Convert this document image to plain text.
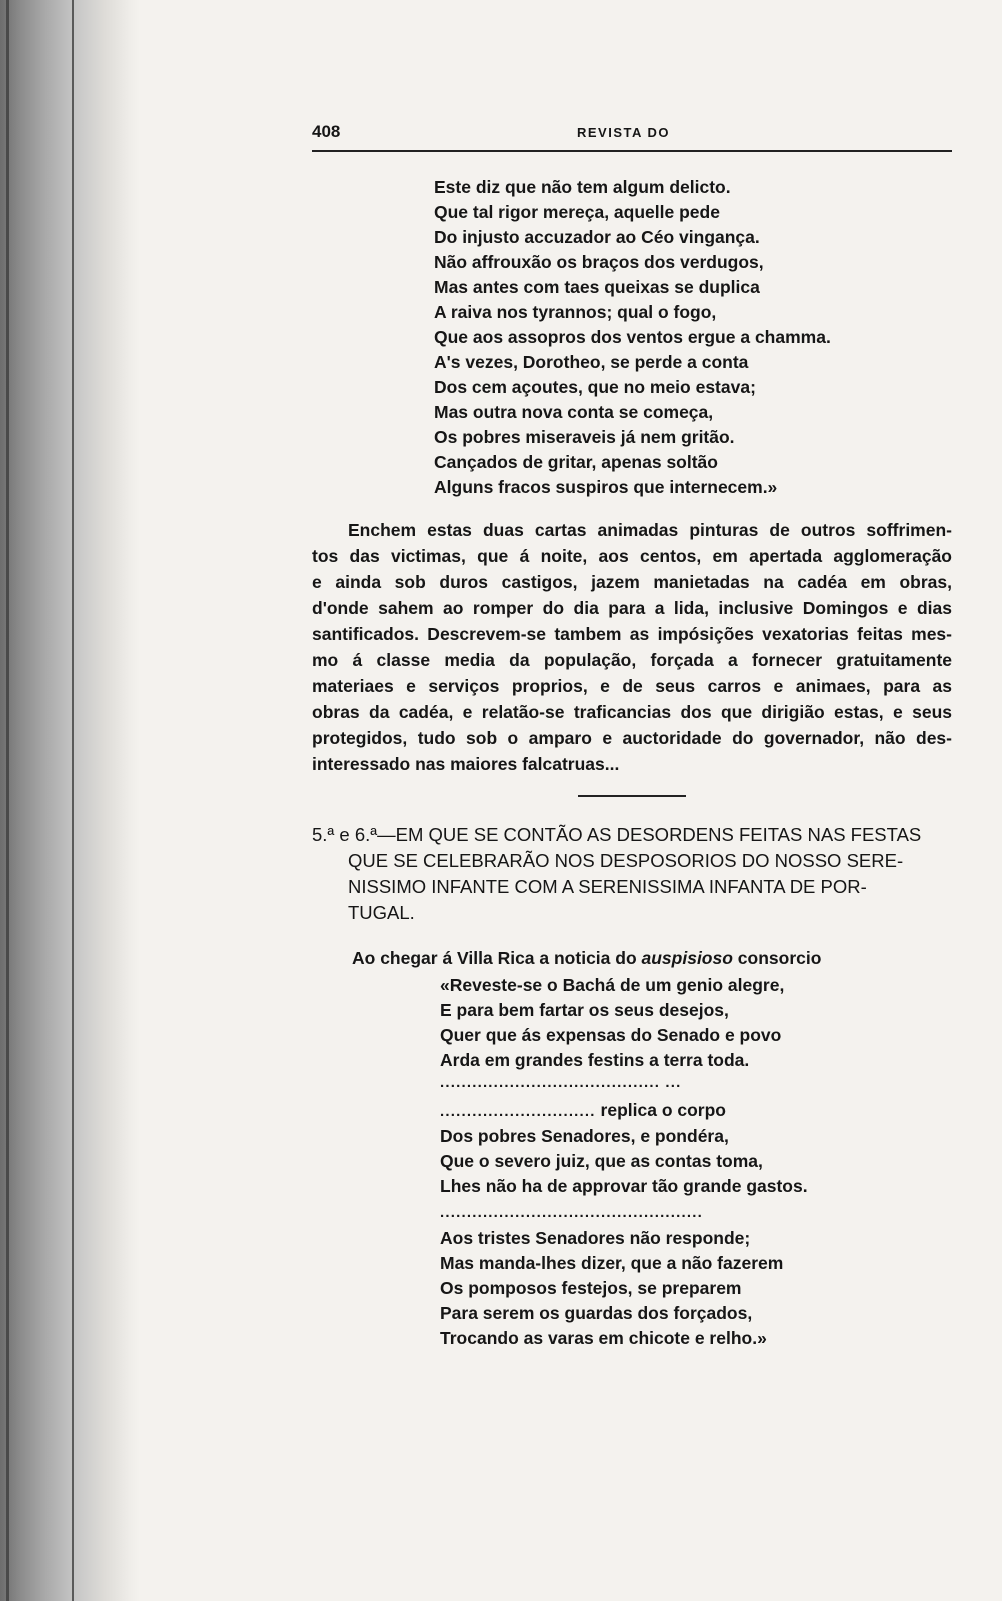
408	REVISTA DO
Este diz que não tem algum delicto.
Que tal rigor mereça, aquelle pede
Do injusto accuzador ao Céo vingança.
Não affrouxão os braços dos verdugos,
Mas antes com taes queixas se duplica
A raiva nos tyrannos; qual o fogo,
Que aos assopros dos ventos ergue a chamma.
A's vezes, Dorotheo, se perde a conta
Dos cem açoutes, que no meio estava;
Mas outra nova conta se começa,
Os pobres miseraveis já nem gritão.
Cançados de gritar, apenas soltão
Alguns fracos suspiros que internecem.»
Enchem estas duas cartas animadas pinturas de outros soffrimen-
tos das victimas, que á noite, aos centos, em apertada agglomeração
e ainda sob duros castigos, jazem manietadas na cadéa em obras,
d'onde sahem ao romper do dia para a lida, inclusive Domingos e dias
santificados. Descrevem-se tambem as impósições vexatorias feitas mes-
mo á classe media da população, forçada a fornecer gratuitamente
materiaes e serviços proprios, e de seus carros e animaes, para as
obras da cadéa, e relatão-se traficancias dos que dirigião estas, e seus
protegidos, tudo sob o amparo e auctoridade do governador, não des-
interessado nas maiores falcatruas...
5.ª e 6.ª—EM QUE SE CONTÃO AS DESORDENS FEITAS NAS FESTAS
QUE SE CELEBRARÃO NOS DESPOSORIOS DO NOSSO SERE-
NISSIMO INFANTE COM A SERENISSIMA INFANTA DE POR-
TUGAL.
Ao chegar á Villa Rica a noticia do auspisioso consorcio
«Reveste-se o Bachá de um genio alegre,
E para bem fartar os seus desejos,
Quer que ás expensas do Senado e povo
Arda em grandes festins a terra toda.
......................................... ...
............................. replica o corpo
Dos pobres Senadores, e pondéra,
Que o severo juiz, que as contas toma,
Lhes não ha de approvar tão grande gastos.
.................................................
Aos tristes Senadores não responde;
Mas manda-lhes dizer, que a não fazerem
Os pomposos festejos, se preparem
Para serem os guardas dos forçados,
Trocando as varas em chicote e relho.»
